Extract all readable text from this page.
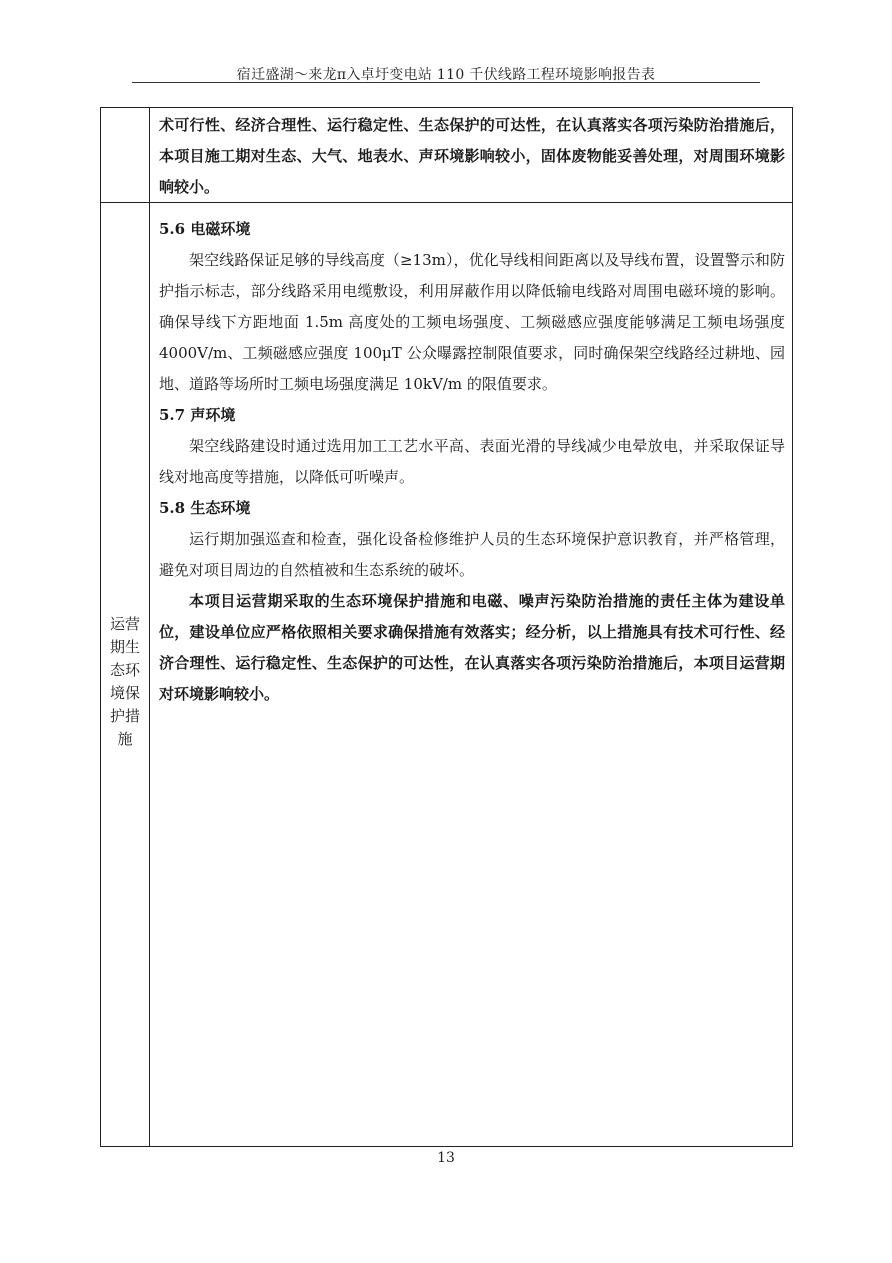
宿迁盛湖～来龙π入卓圩变电站 110 千伏线路工程环境影响报告表
术可行性、经济合理性、运行稳定性、生态保护的可达性，在认真落实各项污染防治措施后，本项目施工期对生态、大气、地表水、声环境影响较小，固体废物能妥善处理，对周围环境影响较小。
运营
期生
态环
境保
护措
施

5.6 电磁环境

架空线路保证足够的导线高度（≥13m），优化导线相间距离以及导线布置，设置警示和防护指示标志，部分线路采用电缆敷设，利用屏蔽作用以降低输电线路对周围电磁环境的影响。确保导线下方距地面 1.5m 高度处的工频电场强度、工频磁感应强度能够满足工频电场强度 4000V/m、工频磁感应强度 100μT 公众曝露控制限值要求，同时确保架空线路经过耕地、园地、道路等场所时工频电场强度满足 10kV/m 的限值要求。

5.7 声环境

架空线路建设时通过选用加工工艺水平高、表面光滑的导线减少电晕放电，并采取保证导线对地高度等措施，以降低可听噪声。

5.8 生态环境

运行期加强巡查和检查，强化设备检修维护人员的生态环境保护意识教育，并严格管理，避免对项目周边的自然植被和生态系统的破坏。

本项目运营期采取的生态环境保护措施和电磁、噪声污染防治措施的责任主体为建设单位，建设单位应严格依照相关要求确保措施有效落实；经分析，以上措施具有技术可行性、经济合理性、运行稳定性、生态保护的可达性，在认真落实各项污染防治措施后，本项目运营期对环境影响较小。

13
